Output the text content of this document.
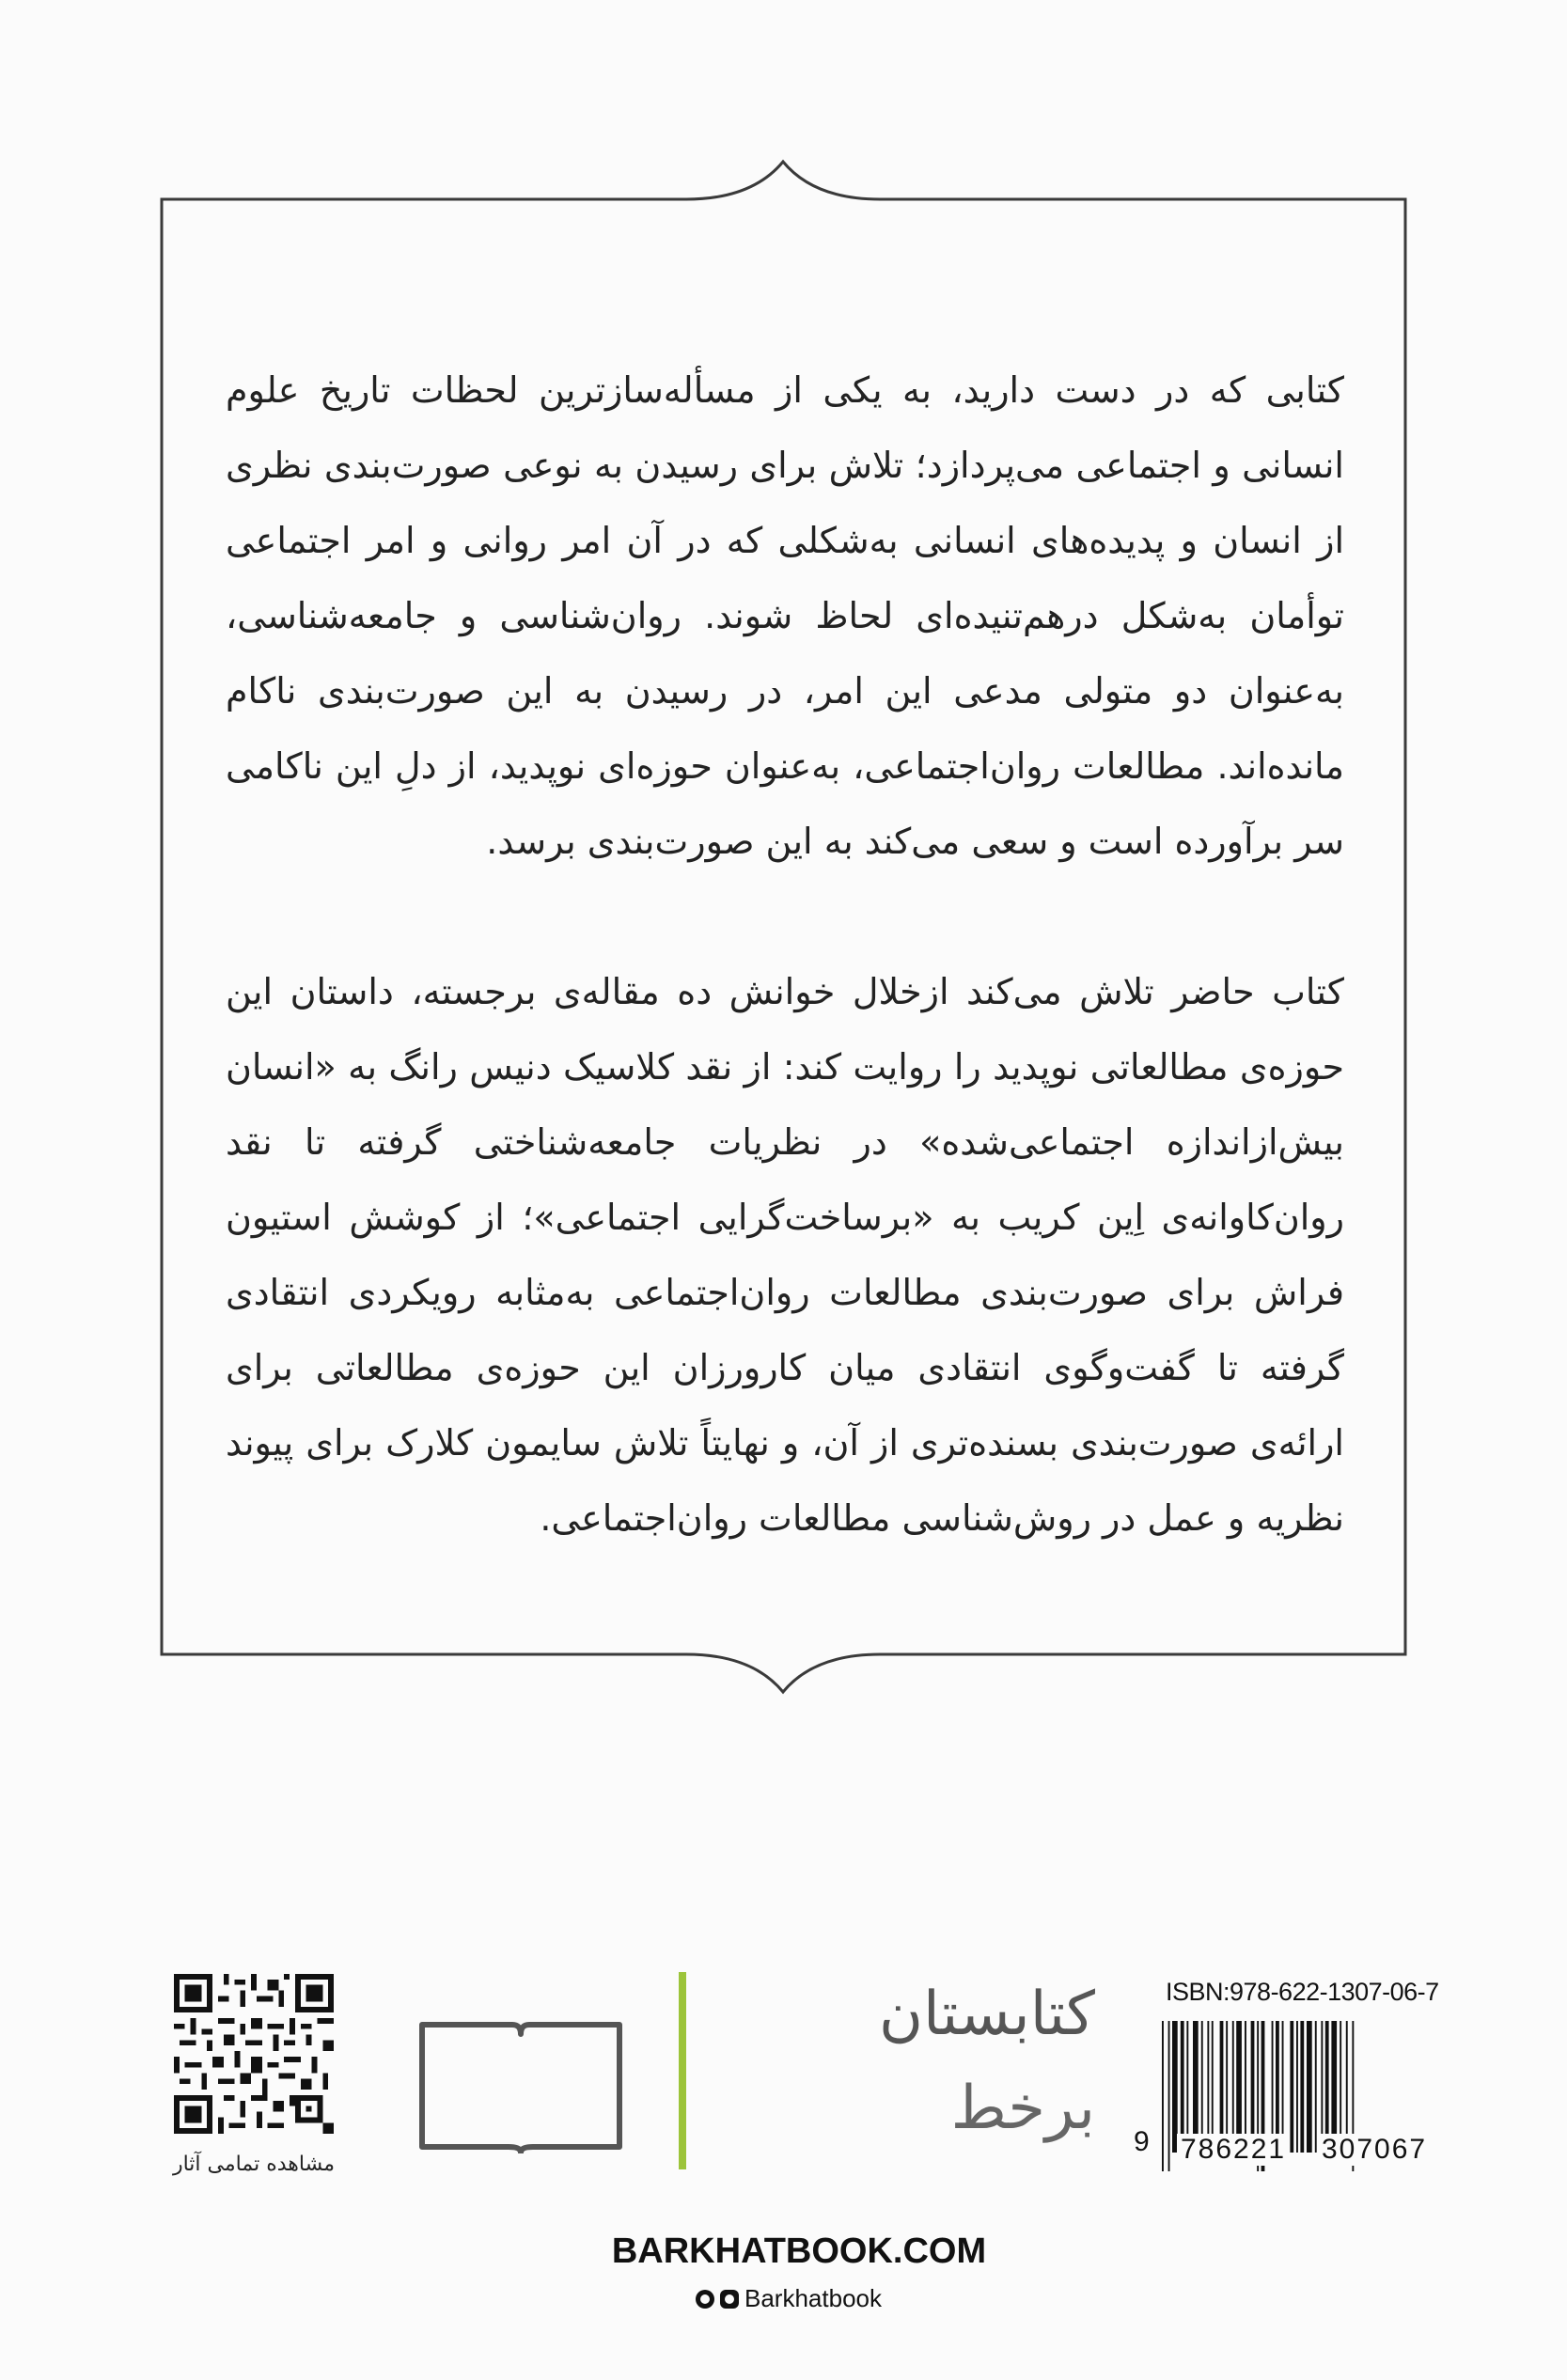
کتابی که در دست دارید، به یکی از مسأله‌سازترین لحظات تاریخ علوم انسانی و اجتماعی می‌پردازد؛ تلاش برای رسیدن به نوعی صورت‌بندی نظری از انسان و پدیده‌های انسانی به‌شکلی که در آن امر روانی و امر اجتماعی توأمان به‌شکل درهم‌تنیده‌ای لحاظ شوند. روان‌شناسی و جامعه‌شناسی، به‌عنوان دو متولی مدعی این امر، در رسیدن به این صورت‌بندی ناکام مانده‌اند. مطالعات روان‌اجتماعی، به‌عنوان حوزه‌ای نوپدید، از دلِ این ناکامی سر برآورده است و سعی می‌کند به این صورت‌بندی برسد.

کتاب حاضر تلاش می‌کند ازخلال خوانش ده مقاله‌ی برجسته، داستان این حوزه‌ی مطالعاتی نوپدید را روایت کند: از نقد کلاسیک دنیس رانگ به «انسان بیش‌ازاندازه اجتماعی‌شده» در نظریات جامعه‌شناختی گرفته تا نقد روان‌کاوانه‌ی اِین کریب به «برساخت‌گرایی اجتماعی»؛ از کوشش استیون فراش برای صورت‌بندی مطالعات روان‌اجتماعی به‌مثابه رویکردی انتقادی گرفته تا گفت‌وگوی انتقادی میان کارورزان این حوزه‌ی مطالعاتی برای ارائه‌ی صورت‌بندی بسنده‌تری از آن، و نهایتاً تلاش سایمون کلارک برای پیوند نظریه و عمل در روش‌شناسی مطالعات روان‌اجتماعی.

کتابستان
برخط
مشاهده تمامی آثار
ISBN:978-622-1307-06-7
9 786221 307067
BARKHATBOOK.COM
Barkhatbook
